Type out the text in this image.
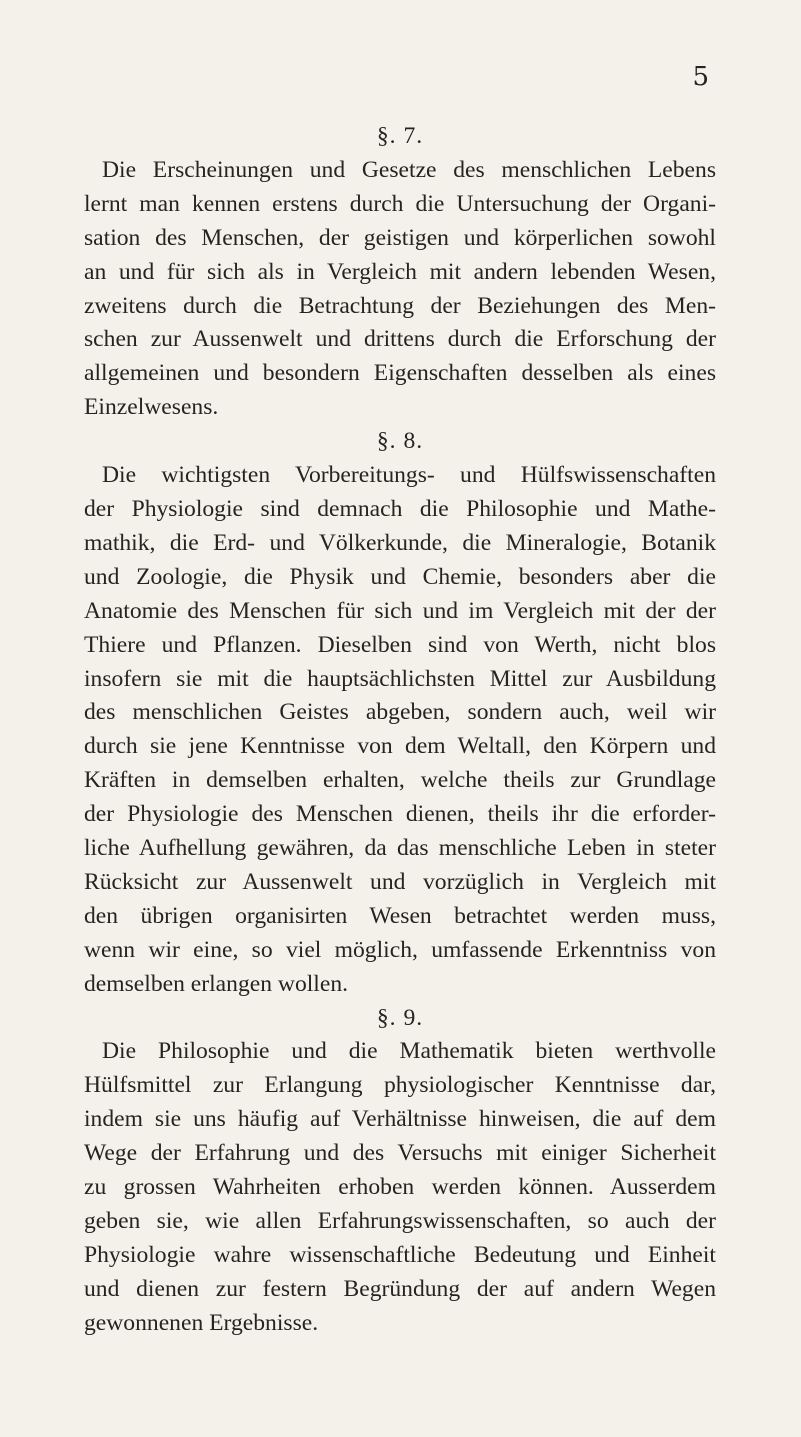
5
§. 7.
Die Erscheinungen und Gesetze des menschlichen Lebens
lernt man kennen erstens durch die Untersuchung der Organi-
sation des Menschen, der geistigen und körperlichen sowohl
an und für sich als in Vergleich mit andern lebenden Wesen,
zweitens durch die Betrachtung der Beziehungen des Men-
schen zur Aussenwelt und drittens durch die Erforschung der
allgemeinen und besondern Eigenschaften desselben als eines
Einzelwesens.
§. 8.
Die wichtigsten Vorbereitungs- und Hülfswissenschaften
der Physiologie sind demnach die Philosophie und Mathe-
mathik, die Erd- und Völkerkunde, die Mineralogie, Botanik
und Zoologie, die Physik und Chemie, besonders aber die
Anatomie des Menschen für sich und im Vergleich mit der der
Thiere und Pflanzen. Dieselben sind von Werth, nicht blos
insofern sie mit die hauptsächlichsten Mittel zur Ausbildung
des menschlichen Geistes abgeben, sondern auch, weil wir
durch sie jene Kenntnisse von dem Weltall, den Körpern und
Kräften in demselben erhalten, welche theils zur Grundlage
der Physiologie des Menschen dienen, theils ihr die erforder-
liche Aufhellung gewähren, da das menschliche Leben in steter
Rücksicht zur Aussenwelt und vorzüglich in Vergleich mit
den übrigen organisirten Wesen betrachtet werden muss,
wenn wir eine, so viel möglich, umfassende Erkenntniss von
demselben erlangen wollen.
§. 9.
Die Philosophie und die Mathematik bieten werthvolle
Hülfsmittel zur Erlangung physiologischer Kenntnisse dar,
indem sie uns häufig auf Verhältnisse hinweisen, die auf dem
Wege der Erfahrung und des Versuchs mit einiger Sicherheit
zu grossen Wahrheiten erhoben werden können. Ausserdem
geben sie, wie allen Erfahrungswissenschaften, so auch der
Physiologie wahre wissenschaftliche Bedeutung und Einheit
und dienen zur festern Begründung der auf andern Wegen
gewonnenen Ergebnisse.
